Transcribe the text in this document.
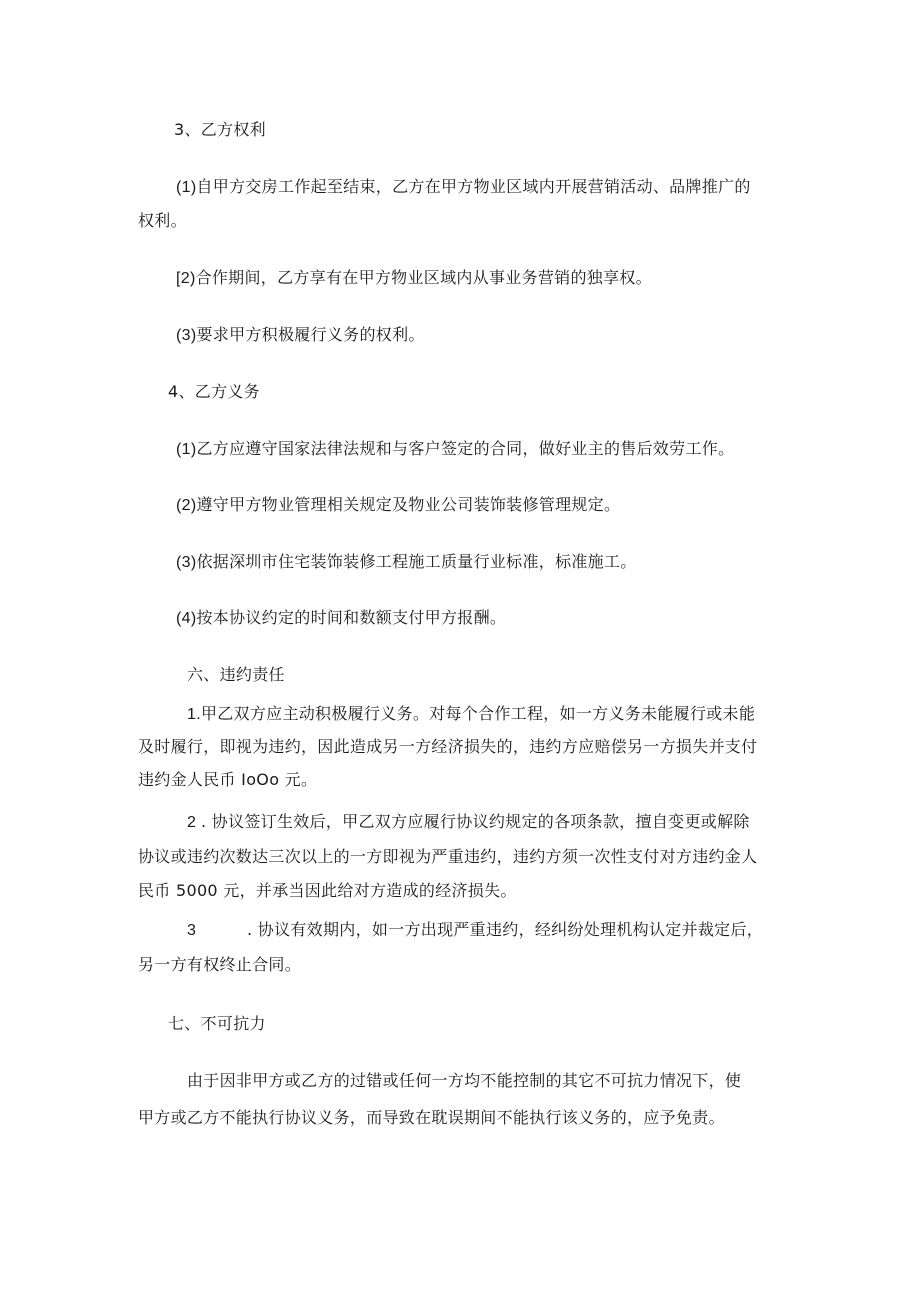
3、乙方权利
(1)自甲方交房工作起至结束，乙方在甲方物业区域内开展营销活动、品牌推广的
权利。
[2)合作期间，乙方享有在甲方物业区域内从事业务营销的独享权。
(3)要求甲方积极履行义务的权利。
4、乙方义务
(1)乙方应遵守国家法律法规和与客户签定的合同，做好业主的售后效劳工作。
(2)遵守甲方物业管理相关规定及物业公司装饰装修管理规定。
(3)依据深圳市住宅装饰装修工程施工质量行业标准，标准施工。
(4)按本协议约定的时间和数额支付甲方报酬。
六、违约责任
1.甲乙双方应主动积极履行义务。对每个合作工程，如一方义务未能履行或未能
及时履行，即视为违约，因此造成另一方经济损失的，违约方应赔偿另一方损失并支付
违约金人民币 IoOo 元。
2 . 协议签订生效后，甲乙双方应履行协议约规定的各项条款，擅自变更或解除
协议或违约次数达三次以上的一方即视为严重违约，违约方须一次性支付对方违约金人
民币 5000 元，并承当因此给对方造成的经济损失。
3	. 协议有效期内，如一方出现严重违约，经纠纷处理机构认定并裁定后，
另一方有权终止合同。
七、不可抗力
由于因非甲方或乙方的过错或任何一方均不能控制的其它不可抗力情况下，使
甲方或乙方不能执行协议义务，而导致在耽误期间不能执行该义务的，应予免责。
